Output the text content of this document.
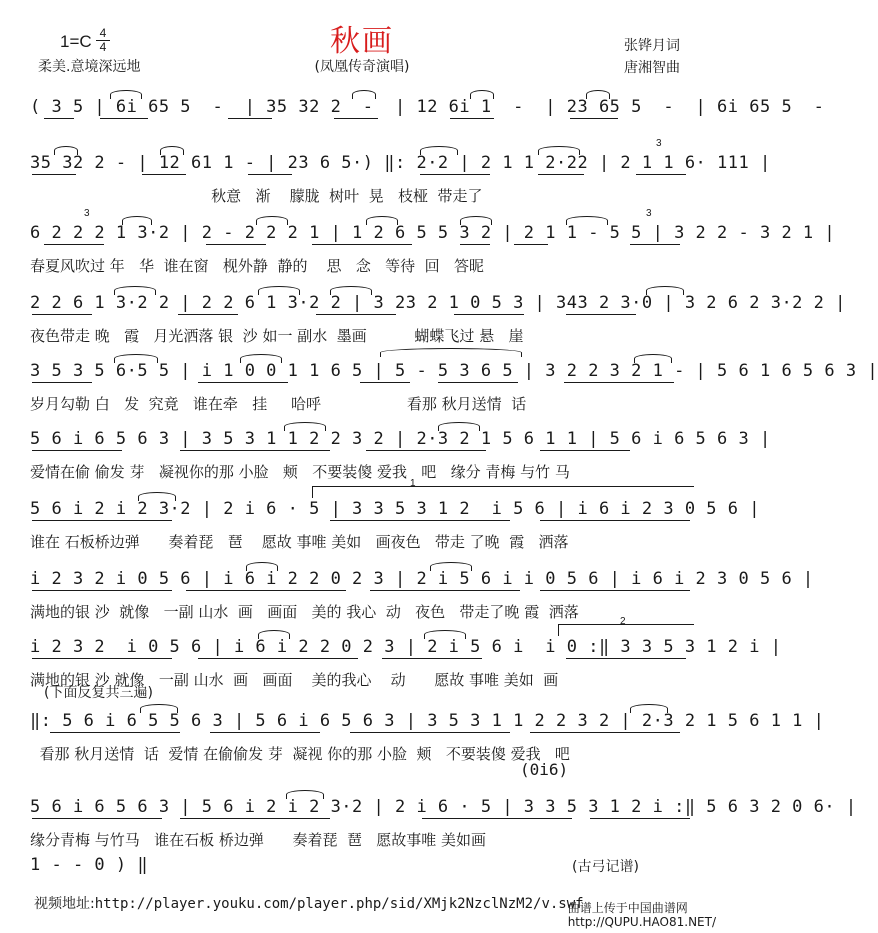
1=C 4
4	秋画
柔美.意境深远地	(凤凰传奇演唱)
张铧月词
唐湘智曲
( 3 5 | 6i 65 5  -  | 35 32 2  -  | 12 6i 1  -  | 23 65 5  -  | 6i 65 5  -
35 32 2 - | 12 61 1 - | 23 6 5·) ‖: 2·2 | 2 1 1 2·22 | 2 1 1 6· 111 |
秋意   渐    朦胧  树叶  晃   枝桠  带走了
3
6 2 2 2 1 3·2 | 2 - 2 2 2 1 | 1 2 6 5 5 3 2 | 2 1 1 - 5 5 | 3 2 2 - 3 2 1 |
春夏风吹过 年   华  谁在窗   枧外静  静的    思   念   等待  回   答昵
3	3
2 2 6 1 3·2 2 | 2 2 6 1 3·2 2 | 3 23 2 1 0 5 3 | 343 2 3·0 | 3 2 6 2 3·2 2 |
夜色带走 晚   霞   月光洒落 银  沙 如一 副水  墨画          蝴蝶飞过 悬   崖
3 5 3 5 6·5 5 | i 1 0 0 1 1 6 5 | 5 - 5 3 6 5 | 3 2 2 3 2 1 - | 5 6 1 6 5 6 3 |
岁月勾勒 白   发  究竟   谁在牵   挂     哈呼                  看那 秋月送情  话
5 6 i 6 5 6 3 | 3 5 3 1 1 2 2 3 2 | 2·3 2 1 5 6 1 1 | 5 6 i 6 5 6 3 |
爱情在偷 偷发 芽   凝视你的那 小脸   颊   不要装傻 爱我   吧   缘分 青梅 与竹 马
5 6 i 2 i 2 3·2 | 2 i 6 · 5 | 3 3 5 3 1 2  i 5 6 | i 6 i 2 3 0 5 6 |
谁在 石板桥边弹      奏着琵   琶    愿故 事唯 美如   画夜色   带走 了晚  霞   洒落
1
i 2 3 2 i 0 5 6 | i 6 i 2 2 0 2 3 | 2 i 5 6 i i 0 5 6 | i 6 i 2 3 0 5 6 |
满地的银 沙  就像   一副 山水  画   画面   美的 我心  动   夜色   带走了晚 霞  洒落
i 2 3 2  i 0 5 6 | i 6 i 2 2 0 2 3 | 2 i 5 6 i  i 0 :‖ 3 3 5 3 1 2 i |
满地的银 沙 就像   一副 山水  画   画面    美的我心    动      愿故 事唯 美如  画
2
(下面反复共三遍)
‖: 5 6 i 6 5 5 6 3 | 5 6 i 6 5 6 3 | 3 5 3 1 1 2 2 3 2 | 2·3 2 1 5 6 1 1 |
看那 秋月送情  话  爱情 在偷偷发 芽  凝视 你的那 小脸  颊   不要装傻 爱我   吧
(0i6)
5 6 i 6 5 6 3 | 5 6 i 2 i 2 3·2 | 2 i 6 · 5 | 3 3 5 3 1 2 i :‖ 5 6 3 2 0 6· |
缘分青梅 与竹马   谁在石板 桥边弹      奏着琵  琶   愿故事唯 美如画
1 - - 0 ) ‖	(古弓记谱)
视频地址:http://player.youku.com/player.php/sid/XMjk2NzclNzM2/v.swf
曲谱上传于中国曲谱网
http://QUPU.HAO81.NET/
